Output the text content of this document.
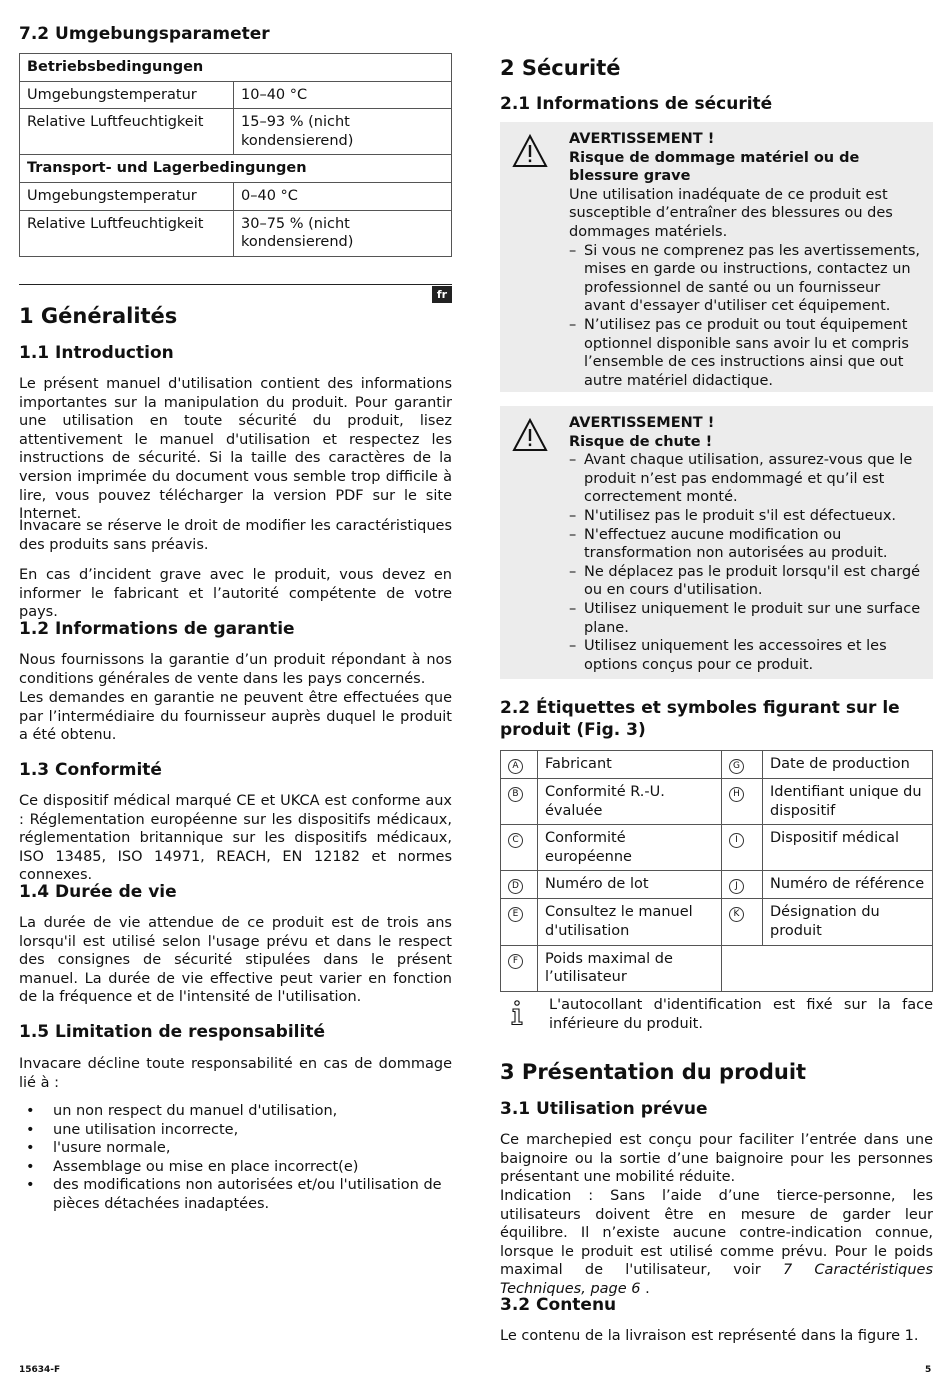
7.2 Umgebungsparameter
Betriebsbedingungen	
Umgebungstemperatur	10–40 °C
Relative Luftfeuchtigkeit	15–93 % (nicht kondensierend)
Transport- und Lagerbedingungen	
Umgebungstemperatur	0–40 °C
Relative Luftfeuchtigkeit	30–75 % (nicht kondensierend)
fr
1 Généralités
1.1 Introduction

Le présent manuel d'utilisation contient des informations importantes sur la manipulation du produit. Pour garantir une utilisation en toute sécurité du produit, lisez attentivement le manuel d'utilisation et respectez les instructions de sécurité. Si la taille des caractères de la version imprimée du document vous semble trop difficile à lire, vous pouvez télécharger la version PDF sur le site Internet.

Invacare se réserve le droit de modifier les caractéristiques des produits sans préavis.

En cas d’incident grave avec le produit, vous devez en informer le fabricant et l’autorité compétente de votre pays.

1.2 Informations de garantie

Nous fournissons la garantie d’un produit répondant à nos conditions générales de vente dans les pays concernés.

Les demandes en garantie ne peuvent être effectuées que par l’intermédiaire du fournisseur auprès duquel le produit a été obtenu.

1.3 Conformité

Ce dispositif médical marqué CE et UKCA est conforme aux : Réglementation européenne sur les dispositifs médicaux, réglementation britannique sur les dispositifs médicaux, ISO 13485, ISO 14971, REACH, EN 12182 et normes connexes.

1.4 Durée de vie

La durée de vie attendue de ce produit est de trois ans lorsqu'il est utilisé selon l'usage prévu et dans le respect des consignes de sécurité stipulées dans le présent manuel. La durée de vie effective peut varier en fonction de la fréquence et de l'intensité de l'utilisation.

1.5 Limitation de responsabilité

Invacare décline toute responsabilité en cas de dommage lié à :

• un non respect du manuel d'utilisation,
• une utilisation incorrecte,
• l'usure normale,
• Assemblage ou mise en place incorrect(e)
• des modifications non autorisées et/ou l'utilisation de pièces détachées inadaptées.
2 Sécurité
2.1 Informations de sécurité
AVERTISSEMENT !
Risque de dommage matériel ou de blessure grave
Une utilisation inadéquate de ce produit est susceptible d’entraîner des blessures ou des dommages matériels.
– Si vous ne comprenez pas les avertissements, mises en garde ou instructions, contactez un professionnel de santé ou un fournisseur avant d'essayer d'utiliser cet équipement.
– N’utilisez pas ce produit ou tout équipement optionnel disponible sans avoir lu et compris l’ensemble de ces instructions ainsi que out autre matériel didactique.
AVERTISSEMENT !
Risque de chute !
– Avant chaque utilisation, assurez-vous que le produit n’est pas endommagé et qu’il est correctement monté.
– N'utilisez pas le produit s'il est défectueux.
– N'effectuez aucune modification ou transformation non autorisées au produit.
– Ne déplacez pas le produit lorsqu'il est chargé ou en cours d'utilisation.
– Utilisez uniquement le produit sur une surface plane.
– Utilisez uniquement les accessoires et les options conçus pour ce produit.
2.2 Étiquettes et symboles figurant sur le produit (Fig. 3)
A	Fabricant	G	Date de production
B	Conformité R.-U. évaluée	H	Identifiant unique du dispositif
C	Conformité européenne	I	Dispositif médical
D	Numéro de lot	J	Numéro de référence
E	Consultez le manuel d'utilisation	K	Désignation du produit
F	Poids maximal de l’utilisateur		

L'autocollant d'identification est fixé sur la face inférieure du produit.

3 Présentation du produit
3.1 Utilisation prévue

Ce marchepied est conçu pour faciliter l’entrée dans une baignoire ou la sortie d’une baignoire pour les personnes présentant une mobilité réduite.

Indication : Sans l’aide d’une tierce-personne, les utilisateurs doivent être en mesure de garder leur équilibre. Il n’existe aucune contre-indication connue, lorsque le produit est utilisé comme prévu. Pour le poids maximal de l'utilisateur, voir 7 Caractéristiques Techniques, page 6 .

3.2 Contenu

Le contenu de la livraison est représenté dans la figure 1.

15634-F	5
